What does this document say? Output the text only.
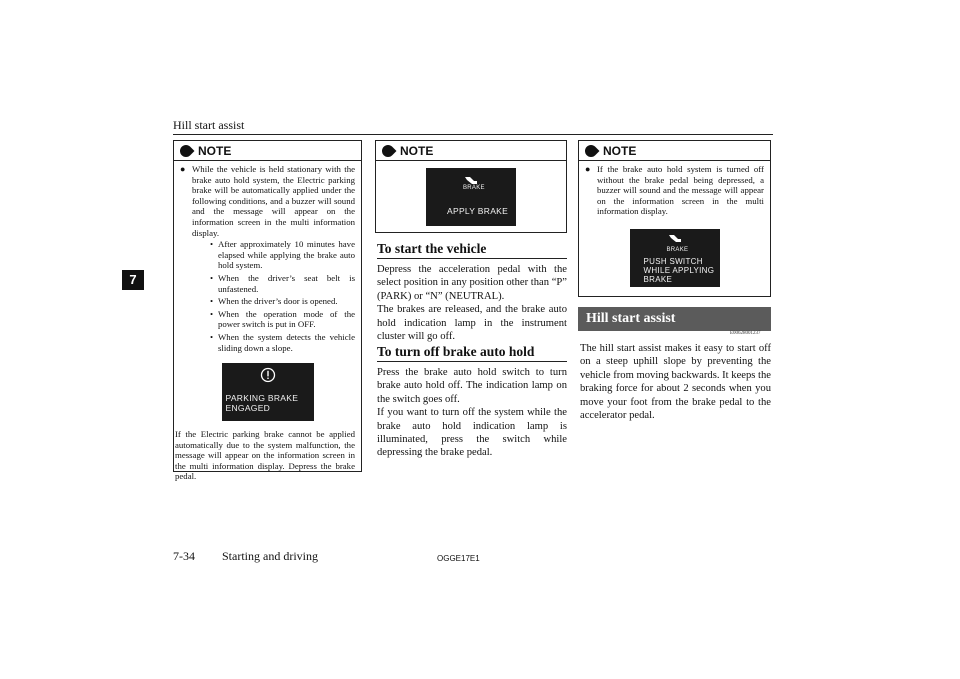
Hill start assist
7
NOTE
● While the vehicle is held stationary with the brake auto hold system, the Electric parking brake will be automatically applied under the following conditions, and a buzzer will sound and the message will appear on the information screen in the multi information display.
• After approximately 10 minutes have elapsed while applying the brake auto hold system.
• When the driver’s seat belt is unfastened.
• When the driver’s door is opened.
• When the operation mode of the power switch is put in OFF.
• When the system detects the vehicle sliding down a slope.
PARKING BRAKE
ENGAGED
If the Electric parking brake cannot be applied automatically due to the system malfunction, the message will appear on the information screen in the multi information display. Depress the brake pedal.
NOTE
BRAKE
APPLY BRAKE
To start the vehicle
Depress the acceleration pedal with the select position in any position other than “P” (PARK) or “N” (NEUTRAL).
The brakes are released, and the brake auto hold indication lamp in the instrument cluster will go off.
To turn off brake auto hold
Press the brake auto hold switch to turn brake auto hold off. The indication lamp on the switch goes off.
If you want to turn off the system while the brake auto hold indication lamp is illuminated, press the switch while depressing the brake pedal.
NOTE
● If the brake auto hold system is turned off without the brake pedal being depressed, a buzzer will sound and the message will appear on the information screen in the multi information display.
BRAKE
PUSH SWITCH
WHILE APPLYING
BRAKE
Hill start assist
E00628001237
The hill start assist makes it easy to start off on a steep uphill slope by preventing the vehicle from moving backwards. It keeps the braking force for about 2 seconds when you move your foot from the brake pedal to the accelerator pedal.
7-34 Starting and driving	OGGE17E1
